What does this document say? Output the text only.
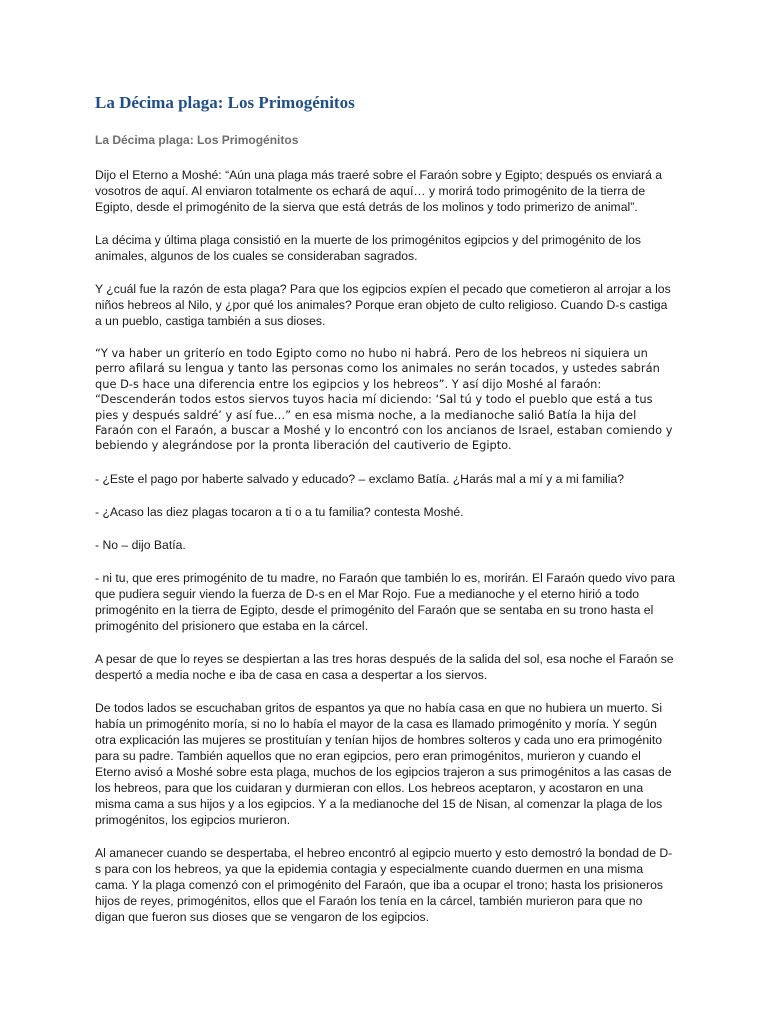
La Décima plaga: Los Primogénitos
La Décima plaga: Los Primogénitos

Dijo el Eterno a Moshé: “Aún una plaga más traeré sobre el Faraón sobre y Egipto; después os enviará a vosotros de aquí. Al enviaron totalmente os echará de aquí… y morirá todo primogénito de la tierra de Egipto, desde el primogénito de la sierva que está detrás de los molinos y todo primerizo de animal”.

La décima y última plaga consistió en la muerte de los primogénitos egipcios y del primogénito de los animales, algunos de los cuales se consideraban sagrados.

Y ¿cuál fue la razón de esta plaga? Para que los egipcios expíen el pecado que cometieron al arrojar a los niños hebreos al Nilo, y ¿por qué los animales? Porque eran objeto de culto religioso. Cuando D-s castiga a un pueblo, castiga también a sus dioses.

“Y va haber un griterío en todo Egipto como no hubo ni habrá. Pero de los hebreos ni siquiera un perro afilará su lengua y tanto las personas como los animales no serán tocados, y ustedes sabrán que D-s hace una diferencia entre los egipcios y los hebreos”. Y así dijo Moshé al faraón: “Descenderán todos estos siervos tuyos hacia mí diciendo: ‘Sal tú y todo el pueblo que está a tus pies y después saldré’ y así fue…” en esa misma noche, a la medianoche salió Batía la hija del Faraón con el Faraón, a buscar a Moshé y lo encontró con los ancianos de Israel, estaban comiendo y bebiendo y alegrándose por la pronta liberación del cautiverio de Egipto.

- ¿Este el pago por haberte salvado y educado? – exclamo Batía. ¿Harás mal a mí y a mi familia?

- ¿Acaso las diez plagas tocaron a ti o a tu familia? contesta Moshé.

- No – dijo Batía.

- ni tu, que eres primogénito de tu madre, no Faraón que también lo es, morirán. El Faraón quedo vivo para que pudiera seguir viendo la fuerza de D-s en el Mar Rojo. Fue a medianoche y el eterno hirió a todo primogénito en la tierra de Egipto, desde el primogénito del Faraón que se sentaba en su trono hasta el primogénito del prisionero que estaba en la cárcel.

A pesar de que lo reyes se despiertan a las tres horas después de la salida del sol, esa noche el Faraón se despertó a media noche e iba de casa en casa a despertar a los siervos.

De todos lados se escuchaban gritos de espantos ya que no había casa en que no hubiera un muerto. Si había un primogénito moría, si no lo había el mayor de la casa es llamado primogénito y moría. Y según otra explicación las mujeres se prostituían y tenían hijos de hombres solteros y cada uno era primogénito para su padre. También aquellos que no eran egipcios, pero eran primogénitos, murieron y cuando el Eterno avisó a Moshé sobre esta plaga, muchos de los egipcios trajeron a sus primogénitos a las casas de los hebreos, para que los cuidaran y durmieran con ellos. Los hebreos aceptaron, y acostaron en una misma cama a sus hijos y a los egipcios. Y a la medianoche del 15 de Nisan, al comenzar la plaga de los primogénitos, los egipcios murieron.

Al amanecer cuando se despertaba, el hebreo encontró al egipcio muerto y esto demostró la bondad de D-s para con los hebreos, ya que la epidemia contagia y especialmente cuando duermen en una misma cama. Y la plaga comenzó con el primogénito del Faraón, que iba a ocupar el trono; hasta los prisioneros hijos de reyes, primogénitos, ellos que el Faraón los tenía en la cárcel, también murieron para que no digan que fueron sus dioses que se vengaron de los egipcios.
